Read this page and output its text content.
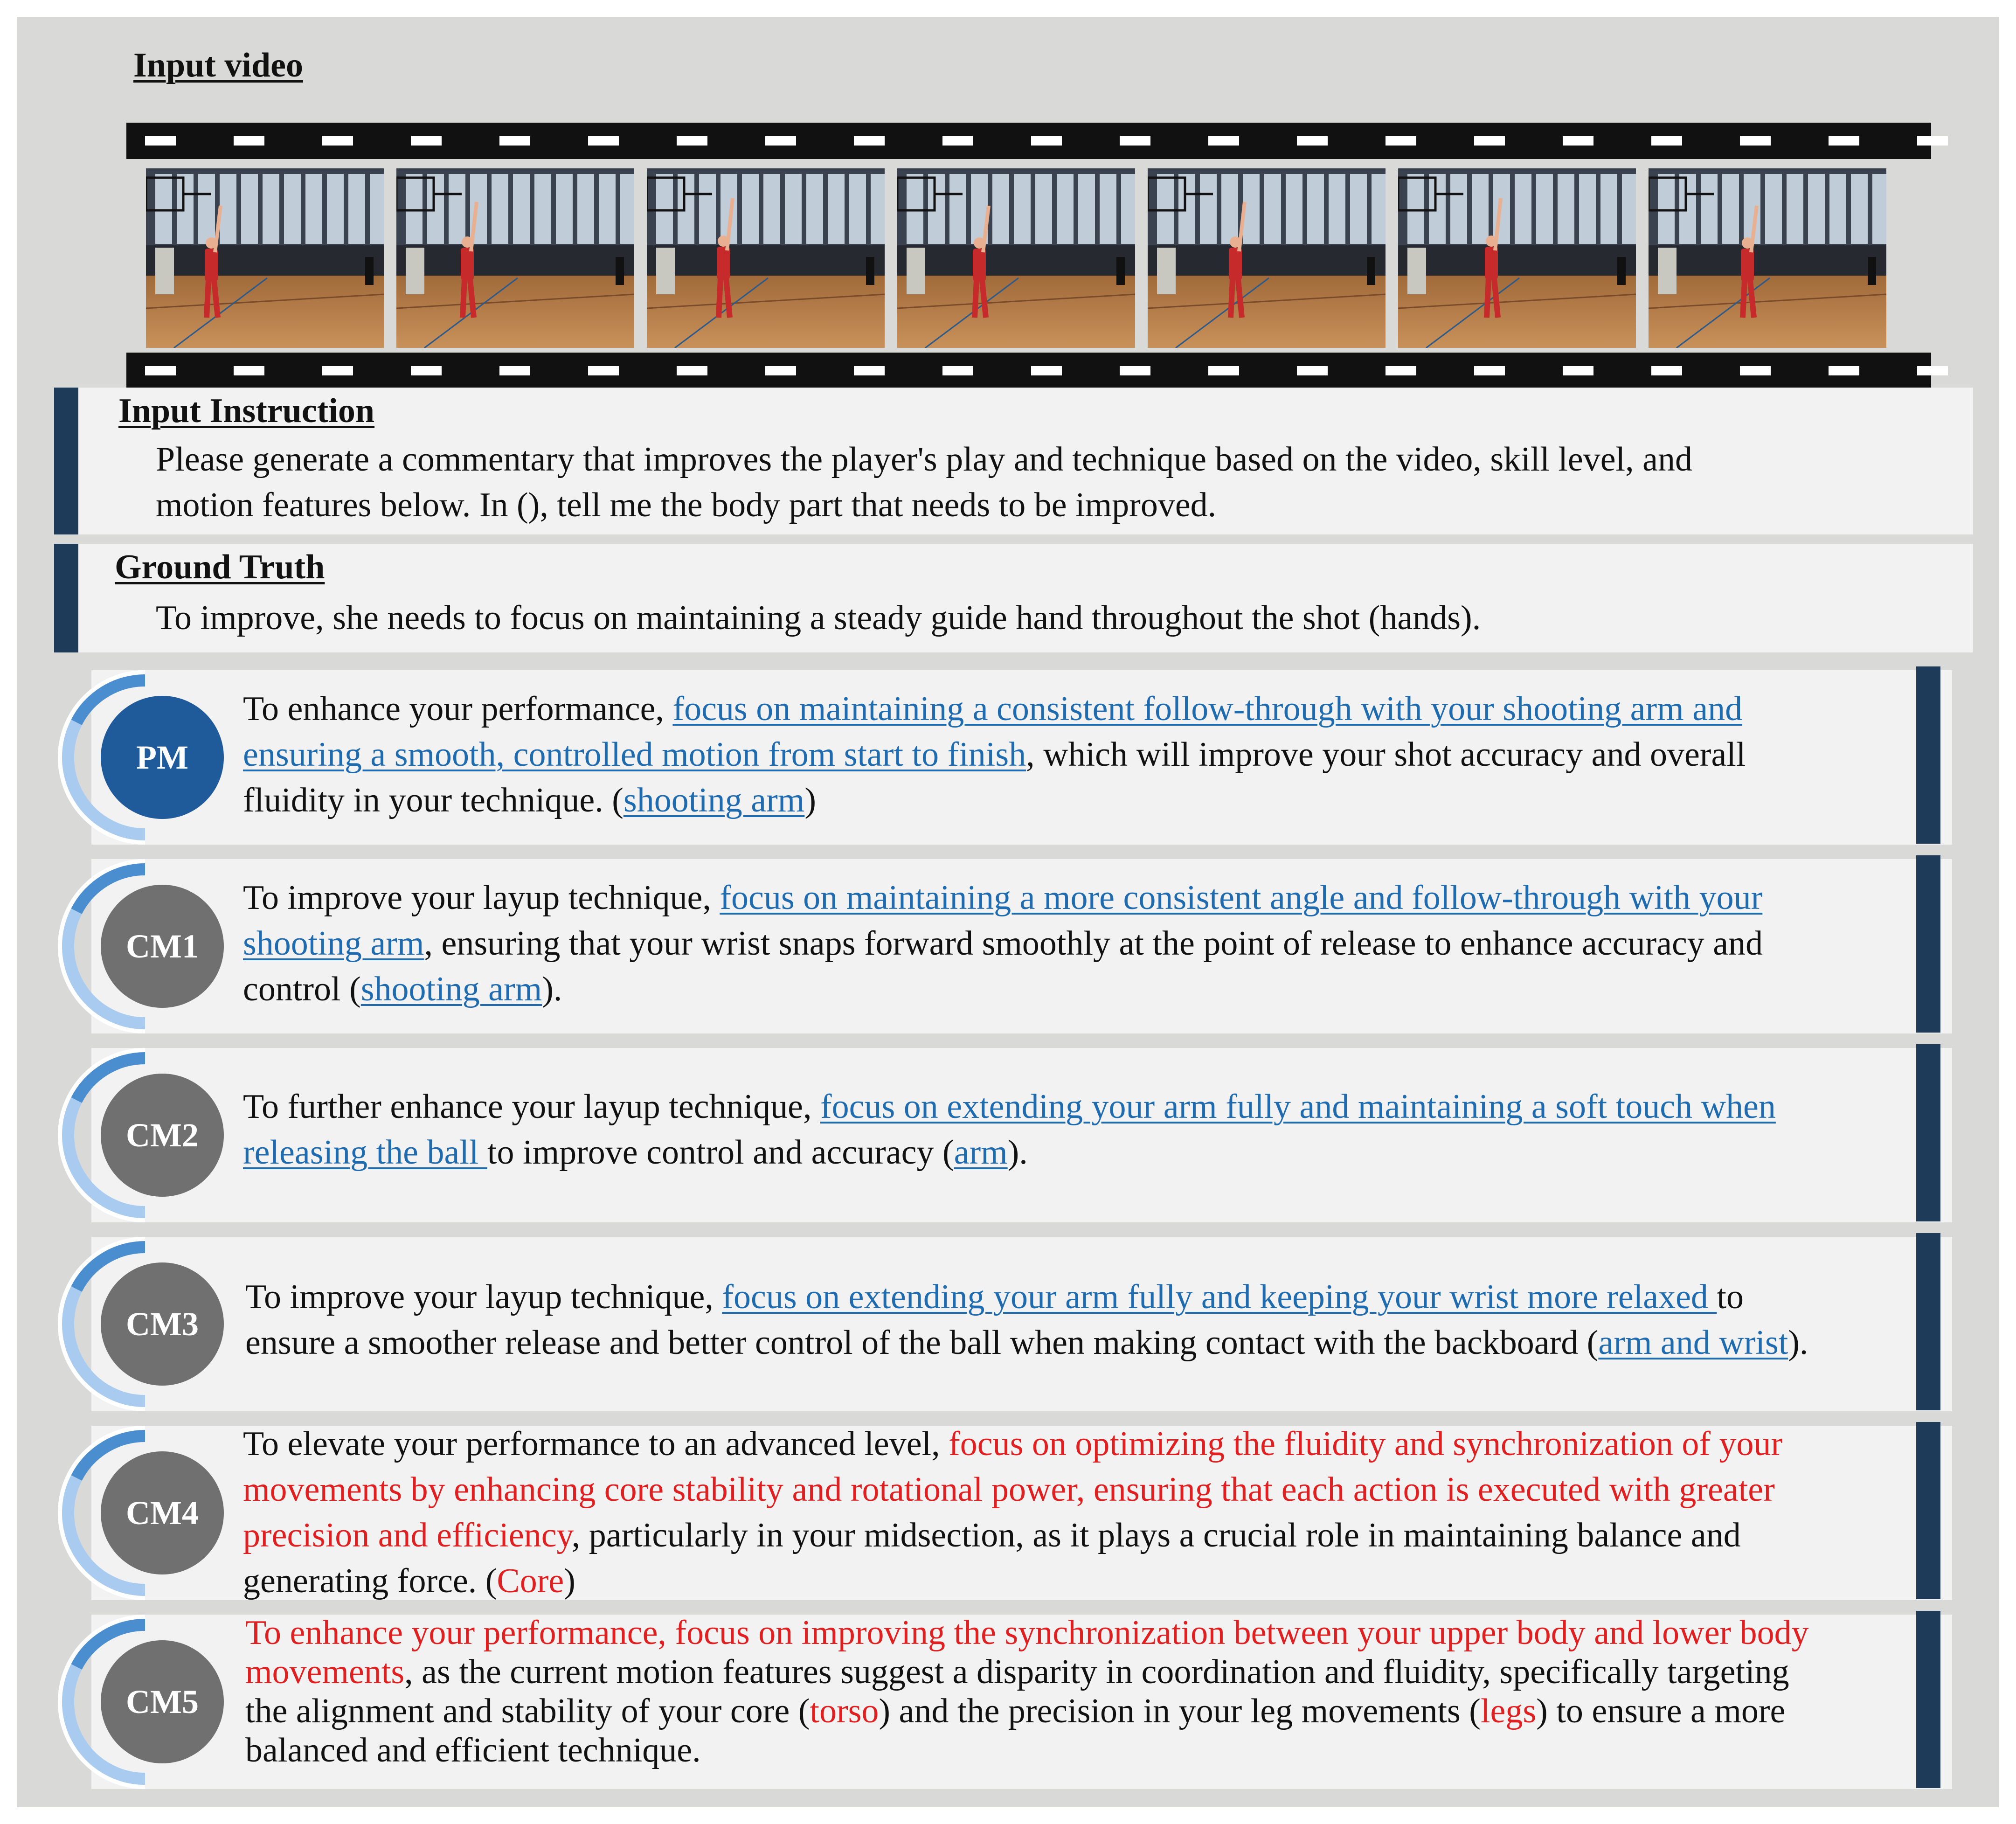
Input video
Input Instruction
Please generate a commentary that improves the player's play and technique based on the video, skill level, and
motion features below. In (), tell me the body part that needs to be improved.
Ground Truth
To improve, she needs to focus on maintaining a steady guide hand throughout the shot (hands).
PM
To enhance your performance, focus on maintaining a consistent follow-through with your shooting arm and
ensuring a smooth, controlled motion from start to finish, which will improve your shot accuracy and overall
fluidity in your technique. (shooting arm)
CM1
To improve your layup technique, focus on maintaining a more consistent angle and follow-through with your
shooting arm, ensuring that your wrist snaps forward smoothly at the point of release to enhance accuracy and
control (shooting arm).
CM2
To further enhance your layup technique, focus on extending your arm fully and maintaining a soft touch when
releasing the ball to improve control and accuracy (arm).
CM3
To improve your layup technique, focus on extending your arm fully and keeping your wrist more relaxed to
ensure a smoother release and better control of the ball when making contact with the backboard (arm and wrist).
CM4
To elevate your performance to an advanced level, focus on optimizing the fluidity and synchronization of your
movements by enhancing core stability and rotational power, ensuring that each action is executed with greater
precision and efficiency, particularly in your midsection, as it plays a crucial role in maintaining balance and
generating force. (Core)
CM5
To enhance your performance, focus on improving the synchronization between your upper body and lower body
movements, as the current motion features suggest a disparity in coordination and fluidity, specifically targeting
the alignment and stability of your core (torso) and the precision in your leg movements (legs) to ensure a more
balanced and efficient technique.
